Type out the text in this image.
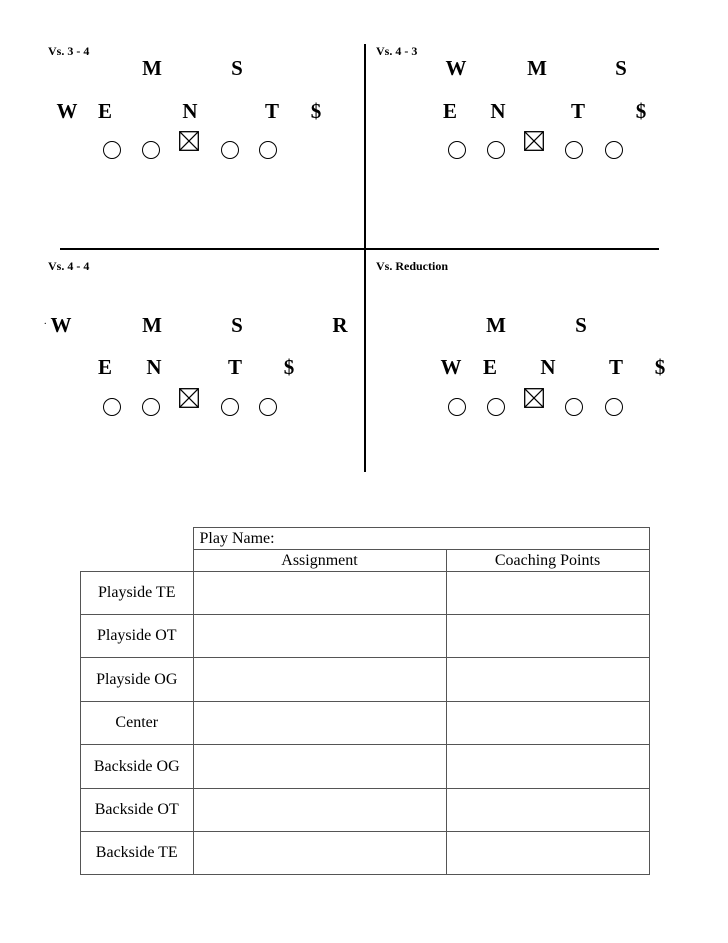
Vs. 3 - 4
M	S
W E	N	T $
Vs. 4 - 3
W	M	S
E N	T $
Vs. 4 - 4
. W	M	S	R
E N	T $
Vs. Reduction
M	S
W E N	T $
	Play Name:	
	Assignment	Coaching Points
Playside TE		
Playside OT		
Playside OG		
Center		
Backside OG		
Backside OT		
Backside TE		
